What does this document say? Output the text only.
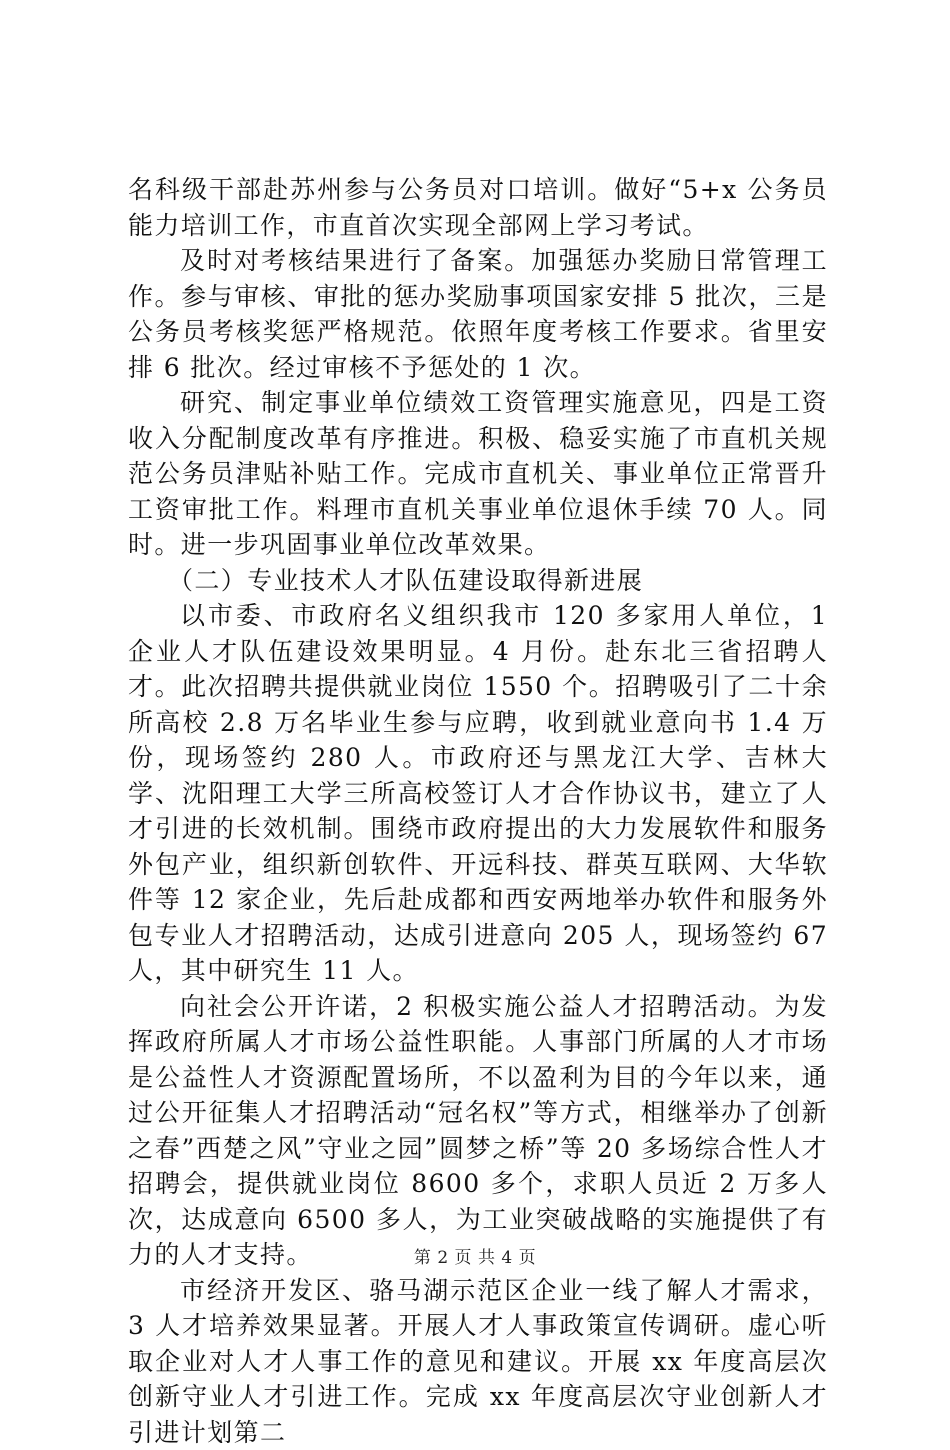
名科级干部赴苏州参与公务员对口培训。做好“5+x 公务员能力培训工作，市直首次实现全部网上学习考试。

及时对考核结果进行了备案。加强惩办奖励日常管理工作。参与审核、审批的惩办奖励事项国家安排 5 批次，三是公务员考核奖惩严格规范。依照年度考核工作要求。省里安排 6 批次。经过审核不予惩处的 1 次。

研究、制定事业单位绩效工资管理实施意见，四是工资收入分配制度改革有序推进。积极、稳妥实施了市直机关规范公务员津贴补贴工作。完成市直机关、事业单位正常晋升工资审批工作。料理市直机关事业单位退休手续 70 人。同时。进一步巩固事业单位改革效果。

（二）专业技术人才队伍建设取得新进展

以市委、市政府名义组织我市 120 多家用人单位，1 企业人才队伍建设效果明显。4 月份。赴东北三省招聘人才。此次招聘共提供就业岗位 1550 个。招聘吸引了二十余所高校 2.8 万名毕业生参与应聘，收到就业意向书 1.4 万份，现场签约 280 人。市政府还与黑龙江大学、吉林大学、沈阳理工大学三所高校签订人才合作协议书，建立了人才引进的长效机制。围绕市政府提出的大力发展软件和服务外包产业，组织新创软件、开远科技、群英互联网、大华软件等 12 家企业，先后赴成都和西安两地举办软件和服务外包专业人才招聘活动，达成引进意向 205 人，现场签约 67 人，其中研究生 11 人。

向社会公开许诺，2 积极实施公益人才招聘活动。为发挥政府所属人才市场公益性职能。人事部门所属的人才市场是公益性人才资源配置场所，不以盈利为目的今年以来，通过公开征集人才招聘活动“冠名权”等方式，相继举办了创新之春”西楚之风”守业之园”圆梦之桥”等 20 多场综合性人才招聘会，提供就业岗位 8600 多个，求职人员近 2 万多人次，达成意向 6500 多人，为工业突破战略的实施提供了有力的人才支持。

市经济开发区、骆马湖示范区企业一线了解人才需求，3 人才培养效果显著。开展人才人事政策宣传调研。虚心听取企业对人才人事工作的意见和建议。开展 xx 年度高层次创新守业人才引进工作。完成 xx 年度高层次守业创新人才引进计划第二

第 2 页 共 4 页
